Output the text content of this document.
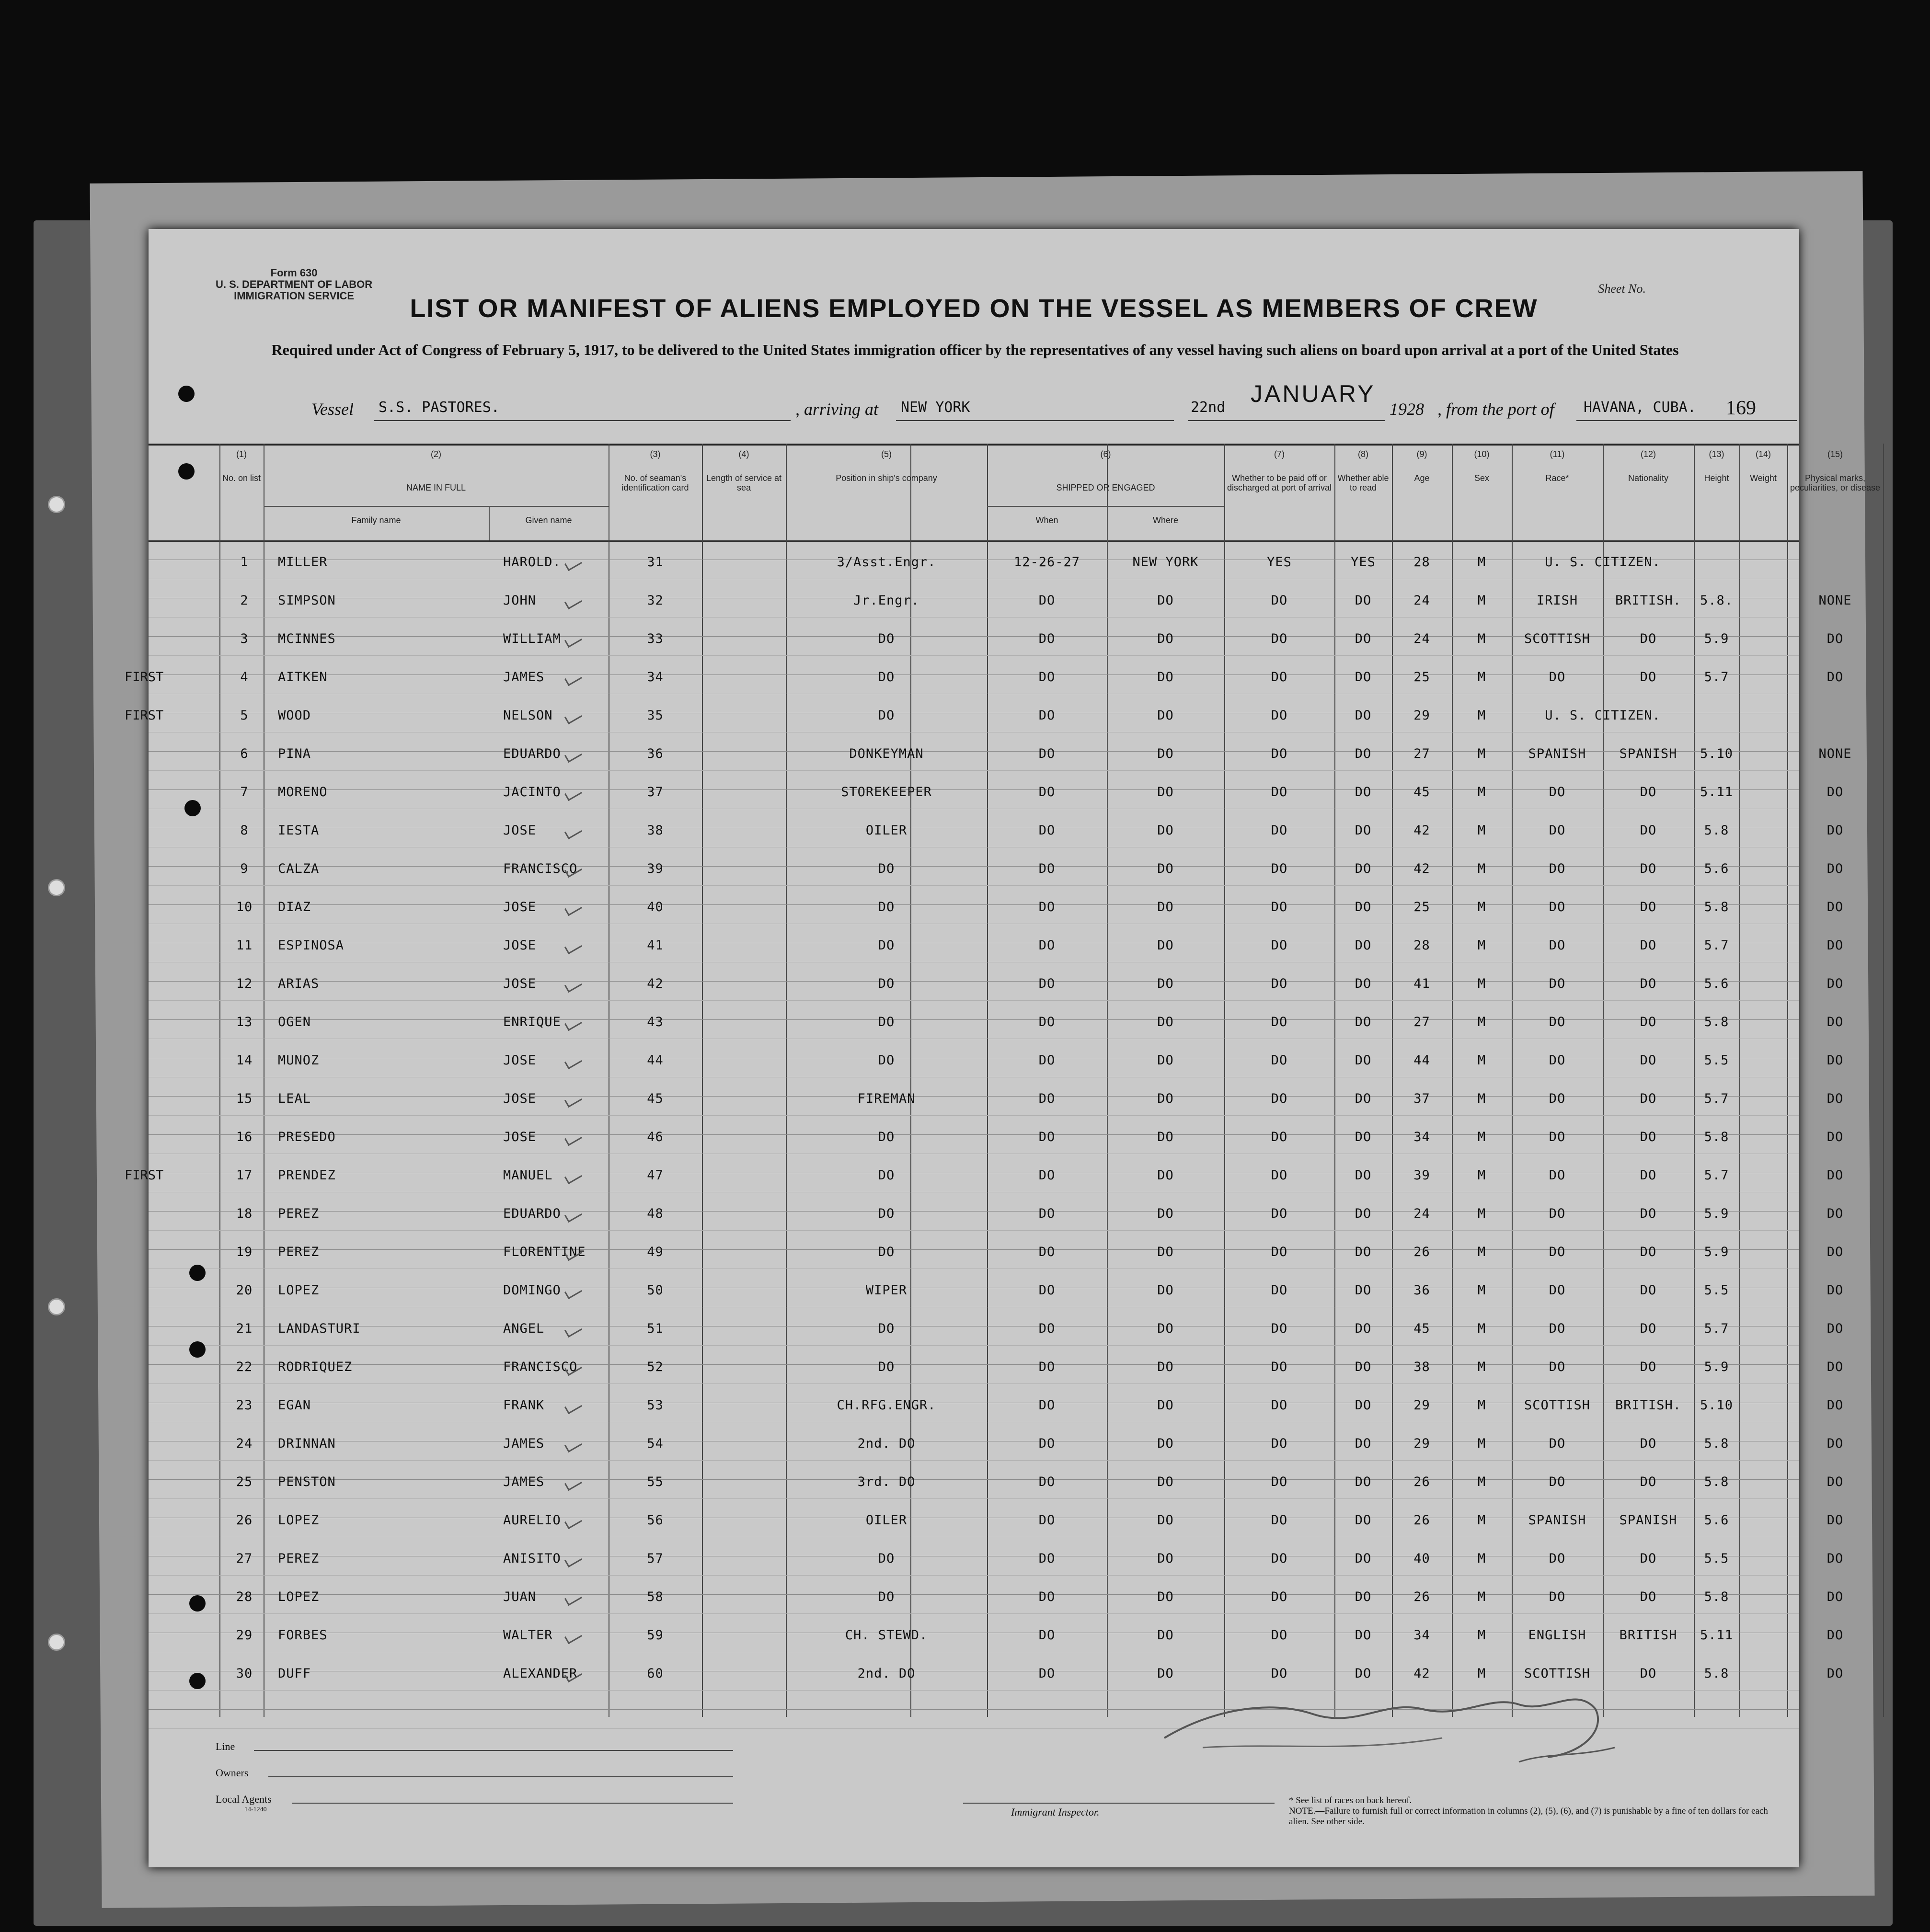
Form 630
U. S. DEPARTMENT OF LABOR
IMMIGRATION SERVICE
Sheet No.
LIST OR MANIFEST OF ALIENS EMPLOYED ON THE VESSEL AS MEMBERS OF CREW
Required under Act of Congress of February 5, 1917, to be delivered to the United States immigration officer by the representatives of any vessel having such aliens on board upon arrival at a port of the United States
Vessel S.S. PASTORES.	, arriving at NEW YORK	22nd
JANUARY
1928 , from the port of HAVANA, CUBA. 169
(1)
No. on list
(2)
NAME IN FULL
(3)
No. of seaman's identification card
(4)
Length of service at sea
(5)
Position in ship's company
(6)
SHIPPED OR ENGAGED
(7)
Whether to be paid off or discharged at port of arrival
(8)
Whether able to read
(9)
Age
(10)
Sex
(11)
Race*
(12)
Nationality
(13)
Height
(14)
Weight
(15)
Physical marks, peculiarities, or disease
Family name	Given name	When	Where
1	MILLER	HAROLD.	31	3/Asst.Engr.	12-26-27	NEW YORK	YES	YES	28	M	U. S. CITIZEN.
2	SIMPSON	JOHN	32	Jr.Engr.	DO	DO	DO	DO	24	M	IRISH	BRITISH.	5.8.	NONE
3	MCINNES	WILLIAM	33	DO	DO	DO	DO	DO	24	M	SCOTTISH	DO	5.9	DO
4	AITKEN	JAMES	34	DO	DO	DO	DO	DO	25	M	DO	DO	5.7	DO
FIRST
5	WOOD	NELSON	35	DO	DO	DO	DO	DO	29	M	U. S. CITIZEN.
FIRST
6	PINA	EDUARDO	36	DONKEYMAN	DO	DO	DO	DO	27	M	SPANISH	SPANISH	5.10	NONE
7	MORENO	JACINTO	37	STOREKEEPER	DO	DO	DO	DO	45	M	DO	DO	5.11	DO
8	IESTA	JOSE	38	OILER	DO	DO	DO	DO	42	M	DO	DO	5.8	DO
9	CALZA	FRANCISCO	39	DO	DO	DO	DO	DO	42	M	DO	DO	5.6	DO
10	DIAZ	JOSE	40	DO	DO	DO	DO	DO	25	M	DO	DO	5.8	DO
11	ESPINOSA	JOSE	41	DO	DO	DO	DO	DO	28	M	DO	DO	5.7	DO
12	ARIAS	JOSE	42	DO	DO	DO	DO	DO	41	M	DO	DO	5.6	DO
13	OGEN	ENRIQUE	43	DO	DO	DO	DO	DO	27	M	DO	DO	5.8	DO
14	MUNOZ	JOSE	44	DO	DO	DO	DO	DO	44	M	DO	DO	5.5	DO
15	LEAL	JOSE	45	FIREMAN	DO	DO	DO	DO	37	M	DO	DO	5.7	DO
16	PRESEDO	JOSE	46	DO	DO	DO	DO	DO	34	M	DO	DO	5.8	DO
17	PRENDEZ	MANUEL	47	DO	DO	DO	DO	DO	39	M	DO	DO	5.7	DO
FIRST
18	PEREZ	EDUARDO	48	DO	DO	DO	DO	DO	24	M	DO	DO	5.9	DO
19	PEREZ	FLORENTINE	49	DO	DO	DO	DO	DO	26	M	DO	DO	5.9	DO
20	LOPEZ	DOMINGO	50	WIPER	DO	DO	DO	DO	36	M	DO	DO	5.5	DO
21	LANDASTURI	ANGEL	51	DO	DO	DO	DO	DO	45	M	DO	DO	5.7	DO
22	RODRIQUEZ	FRANCISCO	52	DO	DO	DO	DO	DO	38	M	DO	DO	5.9	DO
23	EGAN	FRANK	53	CH.RFG.ENGR.	DO	DO	DO	DO	29	M	SCOTTISH	BRITISH.	5.10	DO
24	DRINNAN	JAMES	54	2nd. DO	DO	DO	DO	DO	29	M	DO	DO	5.8	DO
25	PENSTON	JAMES	55	3rd. DO	DO	DO	DO	DO	26	M	DO	DO	5.8	DO
26	LOPEZ	AURELIO	56	OILER	DO	DO	DO	DO	26	M	SPANISH	SPANISH	5.6	DO
27	PEREZ	ANISITO	57	DO	DO	DO	DO	DO	40	M	DO	DO	5.5	DO
28	LOPEZ	JUAN	58	DO	DO	DO	DO	DO	26	M	DO	DO	5.8	DO
29	FORBES	WALTER	59	CH. STEWD.	DO	DO	DO	DO	34	M	ENGLISH	BRITISH	5.11	DO
30	DUFF	ALEXANDER	60	2nd. DO	DO	DO	DO	DO	42	M	SCOTTISH	DO	5.8	DO
Line
Owners
Local Agents
14-1240	Immigrant Inspector.
* See list of races on back hereof.
NOTE.—Failure to furnish full or correct information in columns (2), (5), (6), and (7) is punishable by a fine of ten dollars for each alien. See other side.
